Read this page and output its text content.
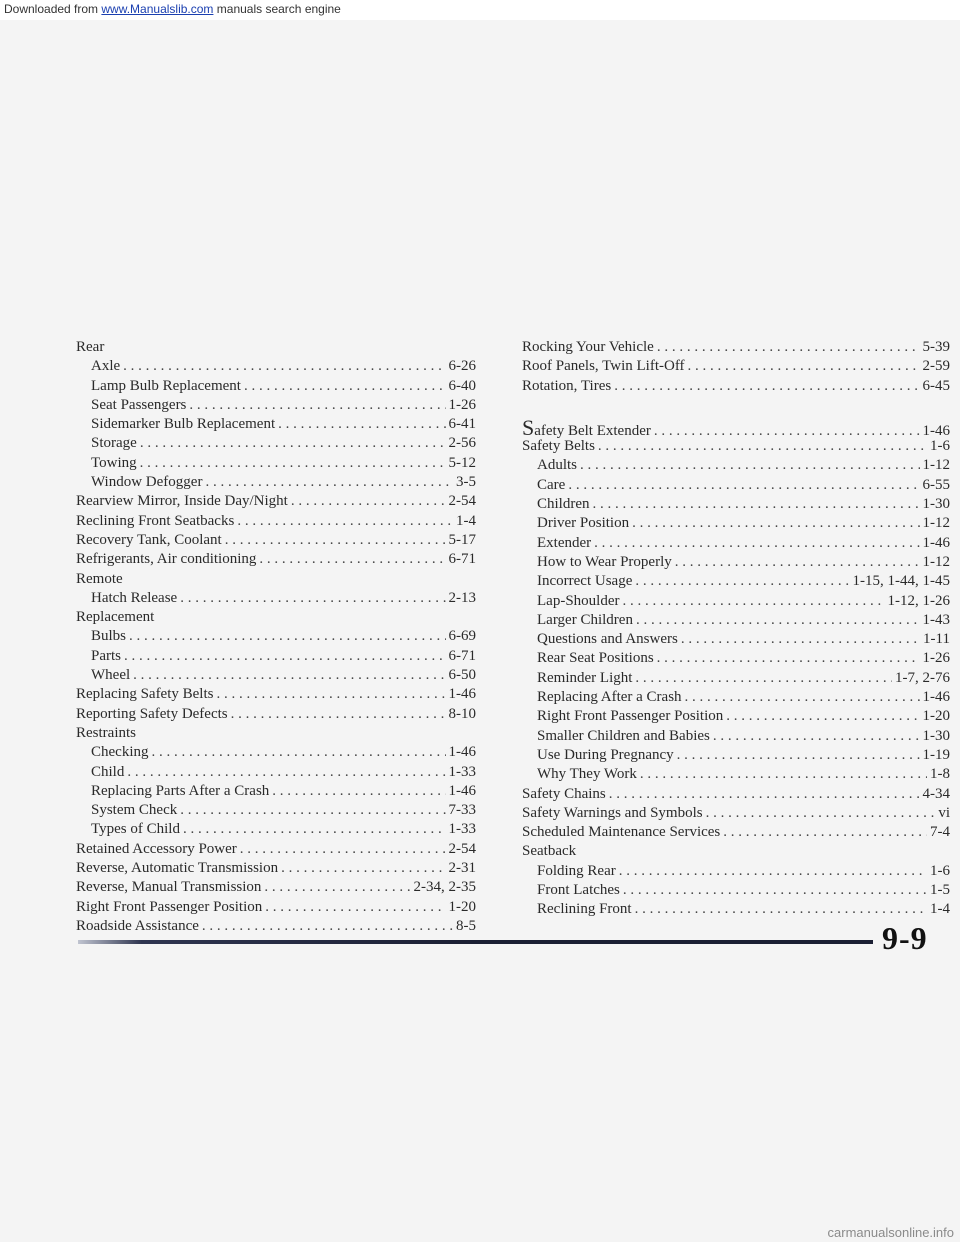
Downloaded from www.Manualslib.com manuals search engine
Rear
Axle . . .	6-26
Lamp Bulb Replacement . . .	6-40
Seat Passengers . . .	1-26
Sidemarker Bulb Replacement . . .	6-41
Storage . . .	2-56
Towing . . .	5-12
Window Defogger . . .	3-5
Rearview Mirror, Inside Day/Night . . .	2-54
Reclining Front Seatbacks . . .	1-4
Recovery Tank, Coolant . . .	5-17
Refrigerants, Air conditioning . . .	6-71
Remote
Hatch Release . . .	2-13
Replacement
Bulbs . . .	6-69
Parts . . .	6-71
Wheel . . .	6-50
Replacing Safety Belts . . .	1-46
Reporting Safety Defects . . .	8-10
Restraints
Checking . . .	1-46
Child . . .	1-33
Replacing Parts After a Crash . . .	1-46
System Check . . .	7-33
Types of Child . . .	1-33
Retained Accessory Power . . .	2-54
Reverse, Automatic Transmission . . .	2-31
Reverse, Manual Transmission . . .	2-34, 2-35
Right Front Passenger Position . . .	1-20
Roadside Assistance . . .	8-5
Rocking Your Vehicle . . .	5-39
Roof Panels, Twin Lift-Off . . .	2-59
Rotation, Tires . . .	6-45
Safety Belt Extender . . .	1-46
Safety Belts . . .	1-6
Adults . . .	1-12
Care . . .	6-55
Children . . .	1-30
Driver Position . . .	1-12
Extender . . .	1-46
How to Wear Properly . . .	1-12
Incorrect Usage . . .	1-15, 1-44, 1-45
Lap-Shoulder . . .	1-12, 1-26
Larger Children . . .	1-43
Questions and Answers . . .	1-11
Rear Seat Positions . . .	1-26
Reminder Light . . .	1-7, 2-76
Replacing After a Crash . . .	1-46
Right Front Passenger Position . . .	1-20
Smaller Children and Babies . . .	1-30
Use During Pregnancy . . .	1-19
Why They Work . . .	1-8
Safety Chains . . .	4-34
Safety Warnings and Symbols . . .	vi
Scheduled Maintenance Services . . .	7-4
Seatback
Folding Rear . . .	1-6
Front Latches . . .	1-5
Reclining Front . . .	1-4
9-9
carmanualsonline.info
